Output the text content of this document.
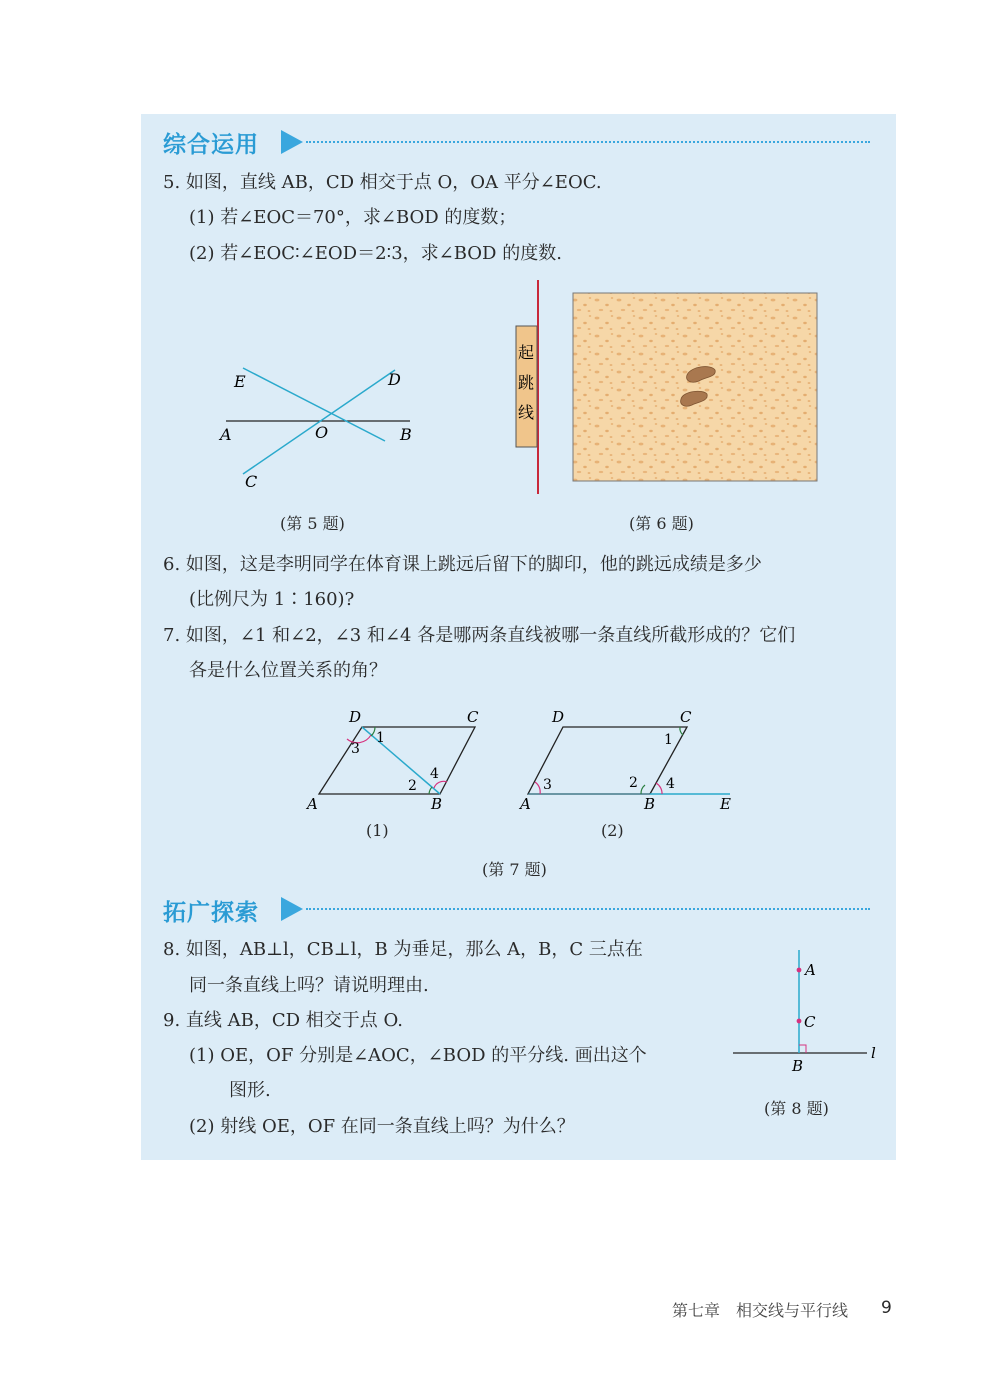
综合运用
5. 如图，直线 AB，CD 相交于点 O，OA 平分∠EOC.
(1) 若∠EOC＝70°，求∠BOD 的度数；
(2) 若∠EOC∶∠EOD＝2∶3，求∠BOD 的度数.
E	D
A	O	B
C
(第 5 题)
起
跳
线
(第 6 题)
6. 如图，这是李明同学在体育课上跳远后留下的脚印，他的跳远成绩是多少
(比例尺为 1∶160)?
7. 如图，∠1 和∠2，∠3 和∠4 各是哪两条直线被哪一条直线所截形成的？它们
各是什么位置关系的角？
D	C
A	B
1
2
3
4
(1)
D	C
A	B	E
1
2
3	4
(2)
(第 7 题)
拓广探索
8. 如图，AB⊥l，CB⊥l，B 为垂足，那么 A，B，C 三点在
同一条直线上吗？请说明理由.
9. 直线 AB，CD 相交于点 O.
(1) OE，OF 分别是∠AOC，∠BOD 的平分线. 画出这个
图形.
(2) 射线 OE，OF 在同一条直线上吗？为什么？
A
C
B
l
(第 8 题)
第七章　相交线与平行线 9
